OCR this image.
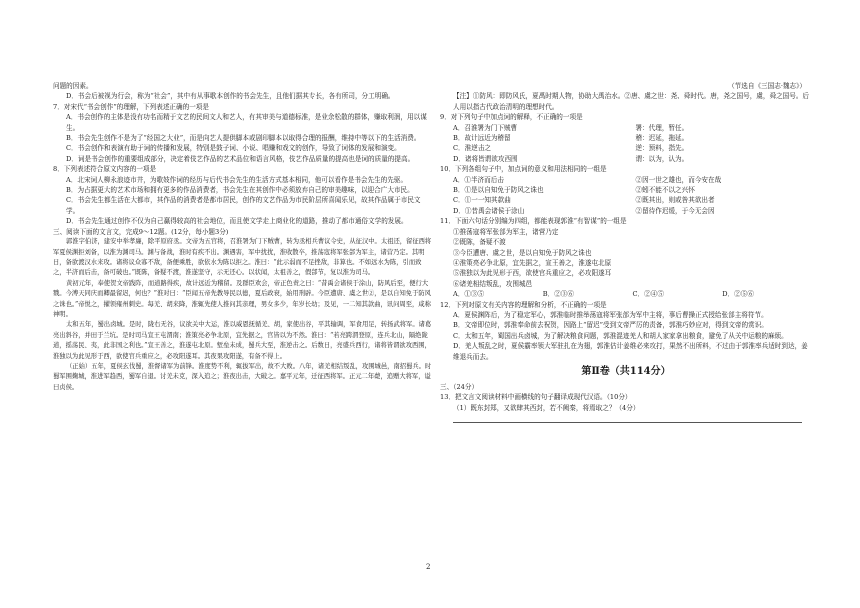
问题的因素。

D．书会后被视为行会，称为“社会”，其中有从事歌本创作的书会先生，且他们据其专长，各有所司，分工明确。

7．对宋代“书会创作”的理解，下列表述正确的一项是

A．书会创作的主体是没有功名而精于文艺的民间文人和艺人，有其审美与道德标准，是业余松散的群体，赚取利润，用以谋生。

B．书会先生创作不是为了“经国之大业”，而是向艺人提供脚本或剧印脚本以取得合理的报酬，维持中等以下的生活消费。

C．书会创作和表演有助于词的传播和发展，特别是鼓子词、小说、唱赚和戏文的创作，导致了词体的发展和演变。

D．词是书会创作的重要组成部分，决定着伎艺作品的艺术品位和语言风格，伎艺作品质量的提高也是词的质量的提高。

8．下列表述符合原文内容的一项是

A．北宋词人柳永浪迹市井，为歌妓作词的经历与后代书会先生的生活方式基本相同，他可以看作是书会先生的先驱。

B．为占据更大的艺术市场和拥有更多的作品消费者，书会先生在其创作中必须放弃自己的审美趣味，以迎合广大市民。

C．书会先生都生活在大都市，其作品的消费者是都市居民，创作的文艺作品为市民阶层所喜闻乐见，故其作品属于市民文学。

D．书会先生通过创作不仅为自己赢得较高的社会地位，而且使文学走上商业化的道路，推动了都市通俗文学的发展。

三、阅读下面的文言文，完成9～12题。(12分，每小题3分)

郭淮字伯济，建安中举孝廉，除平原府丞。文帝为五官将，召淮署为门下贼曹，转为丞相兵曹议令史，从征汉中。太祖还，留征西将军夏侯渊拒刘备，以淮为渊司马。渊与备战，淮时有疾不出。渊遇害，军中扰扰，淮收散卒，推荡寇将军张郃为军主，诸营乃定。其明日，备欲渡汉水来攻。诸将议众寡不敌，备便乘胜，欲依水为陈以拒之。淮曰：“此示弱而不足挫敌，非算也。不如远水为陈，引而致之，半济而后击，备可破也。”既陈，备疑不渡，淮遂坚守，示无还心。以状闻，太祖善之，假郃节，复以淮为司马。

黄初元年，奉使贺文帝践阼，而道路得疾，故计远近为稽留。及群臣欢会，帝正色责之曰：“昔禹会诸侯于涂山，防风后至，便行大戮。今溥天同庆而卿最留迟，何也？”淮对曰：“臣闻五帝先教导民以德，夏后政衰，始用刑辟。今臣遭唐、虞之世②，是以自知免于防风之诛也。”帝悦之，擢领雍州刺史。每羌、胡来降，淮辄先使人推问其亲理，男女多少，年岁长幼；及见，一二知其款曲，讯问周至，咸称神明。

太和五年，蜀出卤城。是时，陇右无谷，议欲关中大运，淮以威恩抚循羌、胡，家使出谷，平其输调，军食用足，转扬武将军。诸葛亮出斜谷，并田于兰坑。是时司马宣王屯渭南；淮策亮必争北原，宜先据之，官皆以为不然。淮曰：“若亮跨渭登原，连兵北山，隔绝陇道，摇荡民、夷，此非国之利也。”宣王善之，淮遂屯北原。堑垒未成，蜀兵大至，淮逆击之。后数日，亮盛兵西行，诸将皆谓欲攻西围，淮独以为此见形于西，欲使官兵重应之，必攻阳遂耳。其夜果攻阳遂，有备不得上。

（正始）五年，夏侯玄伐蜀，淮督诸军为前锋。淮度势不利，辄拔军出，故不大败。八年，诸羌相结叛乱，攻围城邑，南招蜀兵。时蜀军围麹城，淮进军趋西，蜀军自退。讨羌未克，深入追之；淮夜出击，大破之。嘉平元年，迁征西将军。正元二年薨，追赠大将军，谥曰贞侯。

（节选自《三国志·魏志》）

【注】①防风：即防风氏，夏禹时期人物，协助大禹治水。②唐、虞之世：尧、舜时代。唐，尧之国号，虞，舜之国号。后人用以指古代政治清明的理想时代。

9．对下列句子中加点词的解释，不正确的一项是

A．召淮署为门下贼曹	署：代理，暂任。
B．故计远近为稽留	稽：迟延，拖延。
C．淮逆击之	逆：预料，指先。
D．诸将皆谓欲攻西围	谓：以为，认为。

10．下列各组句子中，加点词的意义和用法相同的一组是

A．①半济而后击	②因一世之雄也，而今安在哉
B．①是以自知免于防风之诛也	②蚓不能不以之兴怀
C．①一一知其款曲	②既其出，则或咎其欲出者
D．①昔禹会诸侯于涂山	②留待作迟缓，于今无会因

11．下面六句话分别编为四组，都能表现郭淮“有智谋”的一组是

①推荡寇将军张郃为军主，诸营乃定

②既陈，备疑不渡

③今臣遭唐、虞之世，是以自知免于防风之诛也

④淮策亮必争北原，宜先据之，宣王善之，淮遂屯北原

⑤淮独以为此见形于西，欲使官兵重应之，必攻阳遂耳

⑥诸羌相结叛乱，攻围城邑

A．①③⑤	B．②③⑥	C．②④⑤	D．②⑤⑥

12．下列对原文有关内容的理解和分析，不正确的一项是

A．夏侯渊阵后，为了稳定军心，郭淮临时推举荡寇将军张郃为军中主将，事后曹操正式授给张郃主将符节。

B．文帝即位时，郭淮奉命前去祝贺，因路上“留迟”受到文帝严厉的责备，郭淮巧妙应对，得到文帝的赏识。

C．太和五年，蜀国出兵卤城，为了解决粮食问题，郭淮混迹羌人和胡人家家拿出粮食，避免了从关中运粮的麻烦。

D．羌人叛乱之时，夏侯霸率领大军驻扎在为翅，郭淮估计姜维必来攻打，果然不出所料，不过由于郭淮率兵适时到达，姜维退兵而去。

第Ⅱ卷（共114分）

三、（24分）

13．把文言文阅读材料中画横线的句子翻译成现代汉语。（10分）

（1）既东封郑，又欲肆其西封，若不阙秦，将焉取之？（4分）

2
